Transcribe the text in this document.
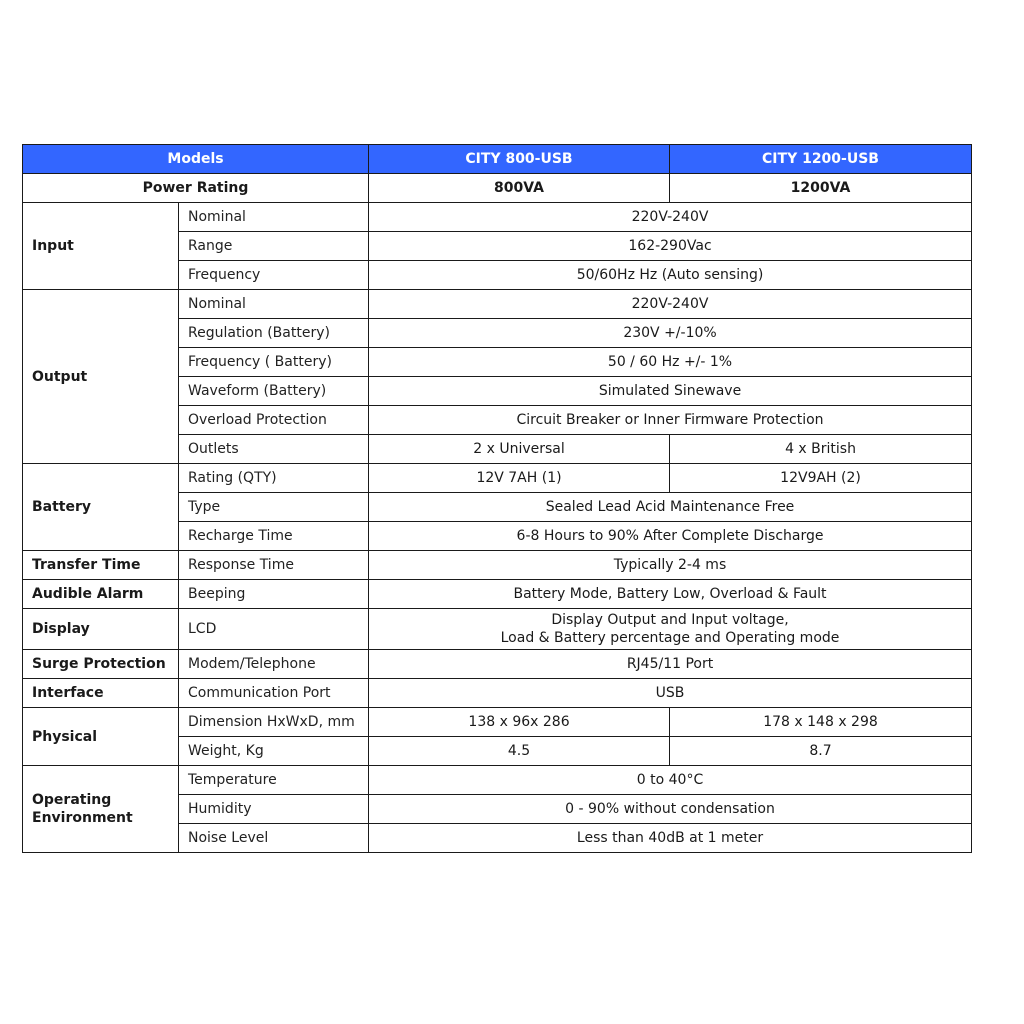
Models		CITY 800-USB	CITY 1200-USB
Power Rating		800VA	1200VA
Input	Nominal	220V-240V	
	Range	162-290Vac	
	Frequency	50/60Hz Hz (Auto sensing)	
Output	Nominal	220V-240V	
	Regulation (Battery)	230V +/-10%	
	Frequency ( Battery)	50 / 60 Hz +/- 1%	
	Waveform (Battery)	Simulated Sinewave	
	Overload Protection	Circuit Breaker or Inner Firmware Protection	
	Outlets	2 x Universal	4 x British
Battery	Rating (QTY)	12V 7AH (1)	12V9AH (2)
	Type	Sealed Lead Acid Maintenance Free	
	Recharge Time	6-8 Hours to 90% After Complete Discharge	
Transfer Time	Response Time	Typically 2-4 ms	
Audible Alarm	Beeping	Battery Mode, Battery Low, Overload & Fault	
Display	LCD	Display Output and Input voltage,
Load & Battery percentage and Operating mode	

Surge Protection	Modem/Telephone	RJ45/11 Port	
Interface	Communication Port	USB	
Physical	Dimension HxWxD, mm	138 x 96x 286	178 x 148 x 298
	Weight, Kg	4.5	8.7

Operating
Environment	Temperature	0 to 40°C	
	Humidity	0 - 90% without condensation	
	Noise Level	Less than 40dB at 1 meter	
